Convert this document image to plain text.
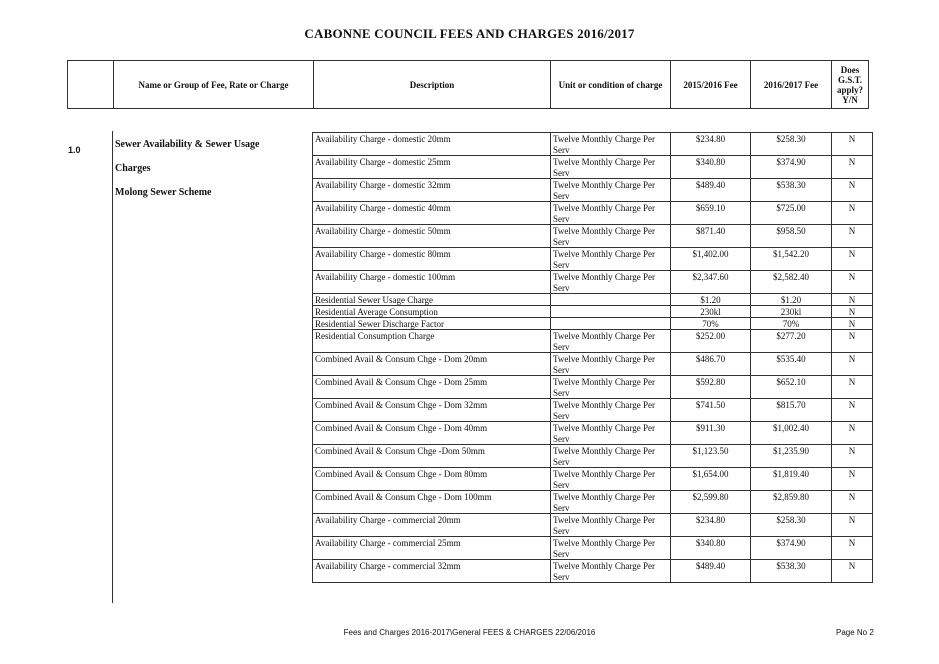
CABONNE COUNCIL FEES AND CHARGES 2016/2017
	Name or Group of Fee, Rate or Charge	Description	Unit or condition of charge	2015/2016 Fee	2016/2017 Fee	Does G.S.T. apply? Y/N
1.0	Sewer Availability & Sewer Usage
Charges
Molong Sewer Scheme
Availability Charge - domestic 20mm	Twelve Monthly Charge Per Serv	$234.80	$258.30	N
Availability Charge - domestic 25mm	Twelve Monthly Charge Per Serv	$340.80	$374.90	N
Availability Charge - domestic 32mm	Twelve Monthly Charge Per Serv	$489.40	$538.30	N
Availability Charge - domestic 40mm	Twelve Monthly Charge Per Serv	$659.10	$725.00	N
Availability Charge - domestic 50mm	Twelve Monthly Charge Per Serv	$871.40	$958.50	N
Availability Charge - domestic 80mm	Twelve Monthly Charge Per Serv	$1,402.00	$1,542.20	N
Availability Charge - domestic 100mm	Twelve Monthly Charge Per Serv	$2,347.60	$2,582.40	N
Residential Sewer Usage Charge		$1.20	$1.20	N
Residential Average Consumption		230kl	230kl	N
Residential Sewer Discharge Factor		70%	70%	N
Residential Consumption Charge	Twelve Monthly Charge Per Serv	$252.00	$277.20	N
Combined Avail & Consum Chge - Dom 20mm	Twelve Monthly Charge Per Serv	$486.70	$535.40	N
Combined Avail & Consum Chge - Dom 25mm	Twelve Monthly Charge Per Serv	$592.80	$652.10	N
Combined Avail & Consum Chge - Dom 32mm	Twelve Monthly Charge Per Serv	$741.50	$815.70	N
Combined Avail & Consum Chge - Dom 40mm	Twelve Monthly Charge Per Serv	$911.30	$1,002.40	N
Combined Avail & Consum Chge -Dom 50mm	Twelve Monthly Charge Per Serv	$1,123.50	$1,235.90	N
Combined Avail & Consum Chge - Dom 80mm	Twelve Monthly Charge Per Serv	$1,654.00	$1,819.40	N
Combined Avail & Consum Chge - Dom 100mm	Twelve Monthly Charge Per Serv	$2,599.80	$2,859.80	N
Availability Charge - commercial 20mm	Twelve Monthly Charge Per Serv	$234.80	$258.30	N
Availability Charge - commercial 25mm	Twelve Monthly Charge Per Serv	$340.80	$374.90	N
Availability Charge - commercial 32mm	Twelve Monthly Charge Per Serv	$489.40	$538.30	N
Fees and Charges 2016-2017\General FEES & CHARGES 22/06/2016	Page No 2
